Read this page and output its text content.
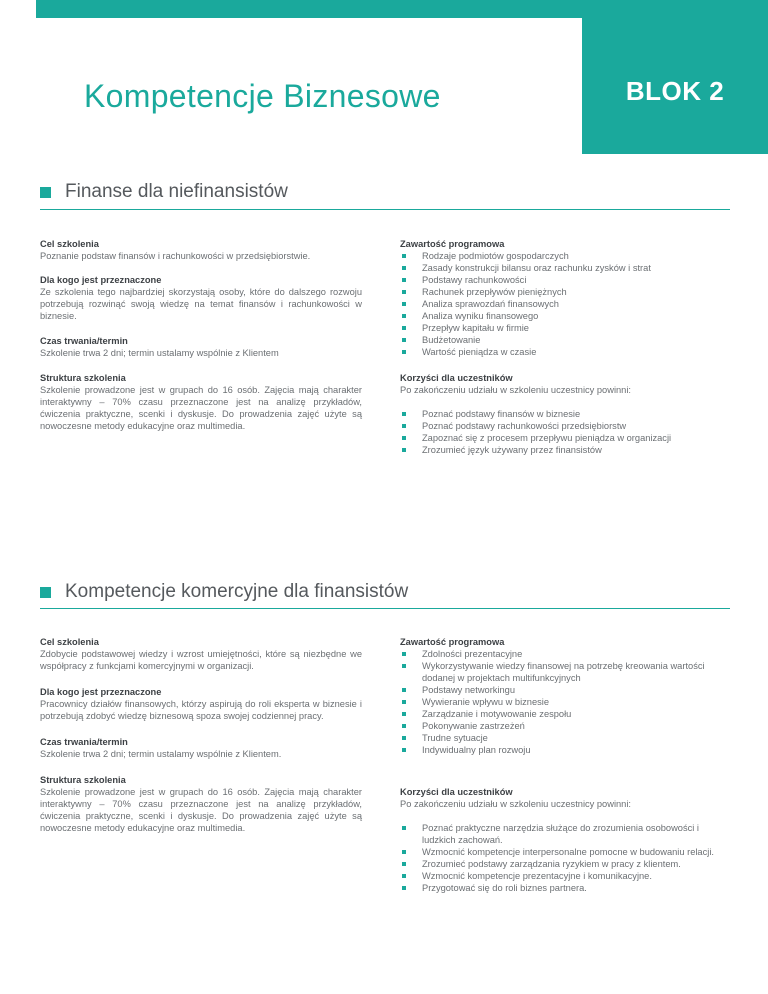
Kompetencje Biznesowe	BLOK 2
Finanse dla niefinansistów
Cel szkolenia
Poznanie podstaw finansów i rachunkowości w przedsiębiorstwie.
Dla kogo jest przeznaczone
Ze szkolenia tego najbardziej skorzystają osoby, które do dalszego rozwoju potrzebują rozwinąć swoją wiedzę na temat finansów i rachunkowości w biznesie.
Czas trwania/termin
Szkolenie trwa 2 dni; termin ustalamy wspólnie z Klientem
Struktura szkolenia
Szkolenie prowadzone jest w grupach do 16 osób. Zajęcia mają charakter interaktywny – 70% czasu przeznaczone jest na analizę przykładów, ćwiczenia praktyczne, scenki i dyskusje. Do prowadzenia zajęć użyte są nowoczesne metody edukacyjne oraz multimedia.
Zawartość programowa
Rodzaje podmiotów gospodarczych
Zasady konstrukcji bilansu oraz rachunku zysków i strat
Podstawy rachunkowości
Rachunek przepływów pieniężnych
Analiza sprawozdań finansowych
Analiza wyniku finansowego
Przepływ kapitału w firmie
Budżetowanie
Wartość pieniądza w czasie
Korzyści dla uczestników
Po zakończeniu udziału w szkoleniu uczestnicy powinni:
Poznać podstawy finansów w biznesie
Poznać podstawy rachunkowości przedsiębiorstw
Zapoznać się z procesem przepływu pieniądza w organizacji
Zrozumieć język używany przez finansistów
Kompetencje komercyjne dla finansistów
Cel szkolenia
Zdobycie podstawowej wiedzy i wzrost umiejętności, które są niezbędne we współpracy z funkcjami komercyjnymi w organizacji.
Dla kogo jest przeznaczone
Pracownicy działów finansowych, którzy aspirują do roli eksperta w biznesie i potrzebują zdobyć wiedzę biznesową spoza swojej codziennej pracy.
Czas trwania/termin
Szkolenie trwa 2 dni; termin ustalamy wspólnie z Klientem.
Struktura szkolenia
Szkolenie prowadzone jest w grupach do 16 osób. Zajęcia mają charakter interaktywny – 70% czasu przeznaczone jest na analizę przykładów, ćwiczenia praktyczne, scenki i dyskusje. Do prowadzenia zajęć użyte są nowoczesne metody edukacyjne oraz multimedia.
Zawartość programowa
Zdolności prezentacyjne
Wykorzystywanie wiedzy finansowej na potrzebę kreowania wartości dodanej w projektach multifunkcyjnych
Podstawy networkingu
Wywieranie wpływu w biznesie
Zarządzanie i motywowanie zespołu
Pokonywanie zastrzeżeń
Trudne sytuacje
Indywidualny plan rozwoju
Korzyści dla uczestników
Po zakończeniu udziału w szkoleniu uczestnicy powinni:
Poznać praktyczne narzędzia służące do zrozumienia osobowości i ludzkich zachowań.
Wzmocnić kompetencje interpersonalne pomocne w budowaniu relacji.
Zrozumieć podstawy zarządzania ryzykiem w pracy z klientem.
Wzmocnić kompetencje prezentacyjne i komunikacyjne.
Przygotować się do roli biznes partnera.
